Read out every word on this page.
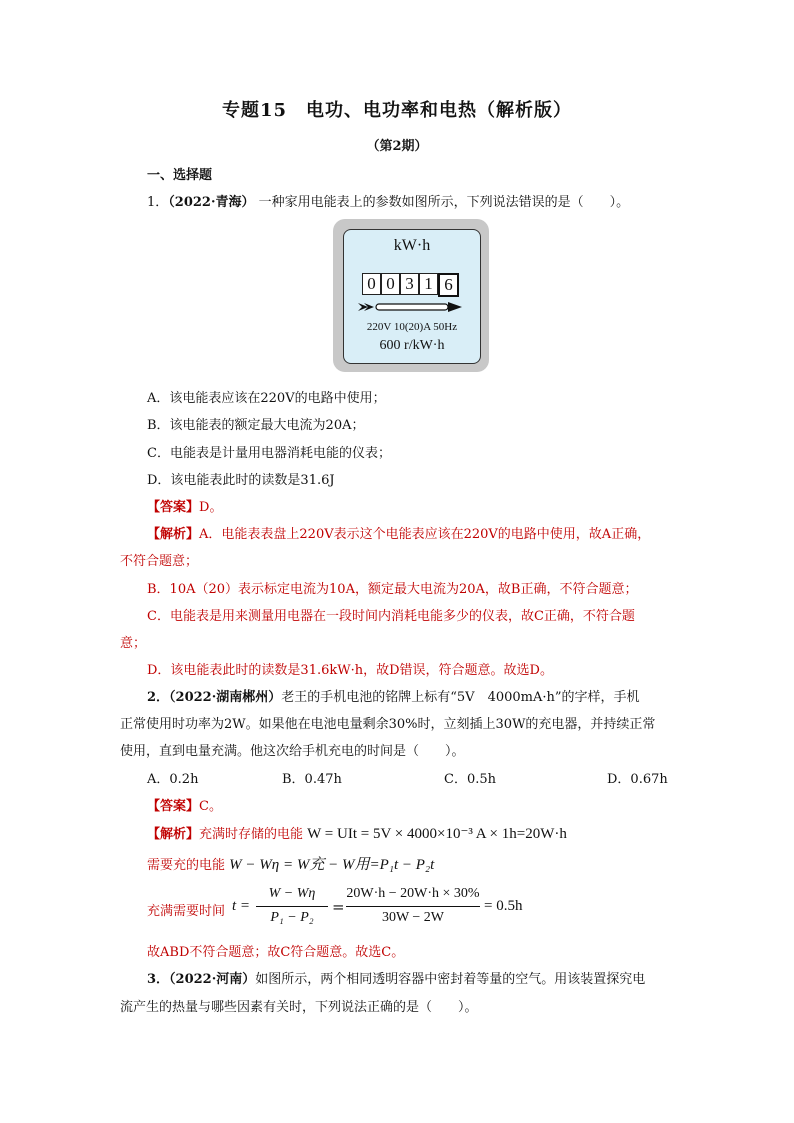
专题15　电功、电功率和电热（解析版）
（第2期）
一、选择题
1．（2022·青海） 一种家用电能表上的参数如图所示，下列说法错误的是（　　）。
kW·h
0 0 3 1 6
220V 10(20)A 50Hz
600 r/kW·h
A．该电能表应该在220V的电路中使用；
B．该电能表的额定最大电流为20A；
C．电能表是计量用电器消耗电能的仪表；
D．该电能表此时的读数是31.6J
【答案】D。
【解析】A．电能表表盘上220V表示这个电能表应该在220V的电路中使用，故A正确，
不符合题意；
B．10A（20）表示标定电流为10A，额定最大电流为20A，故B正确，不符合题意；
C．电能表是用来测量用电器在一段时间内消耗电能多少的仪表，故C正确，不符合题
意；
D．该电能表此时的读数是31.6kW·h，故D错误，符合题意。故选D。
2．（2022·湖南郴州）老王的手机电池的铭牌上标有“5V　4000mA·h”的字样，手机
正常使用时功率为2W。如果他在电池电量剩余30%时，立刻插上30W的充电器，并持续正常
使用，直到电量充满。他这次给手机充电的时间是（　　）。
A．0.2h	B．0.47h	C．0.5h	D．0.67h
【答案】C。
【解析】充满时存储的电能 W = UIt = 5V × 4000×10⁻³ A × 1h=20W·h
需要充的电能 W − Wη = W充 − W用=P₁t − P₂t
充满需要时间 t =
W − Wη
P₁ − P₂
=
20W·h − 20W·h × 30%
30W − 2W
= 0.5h
故ABD不符合题意；故C符合题意。故选C。
3．（2022·河南）如图所示，两个相同透明容器中密封着等量的空气。用该装置探究电
流产生的热量与哪些因素有关时，下列说法正确的是（　　）。
